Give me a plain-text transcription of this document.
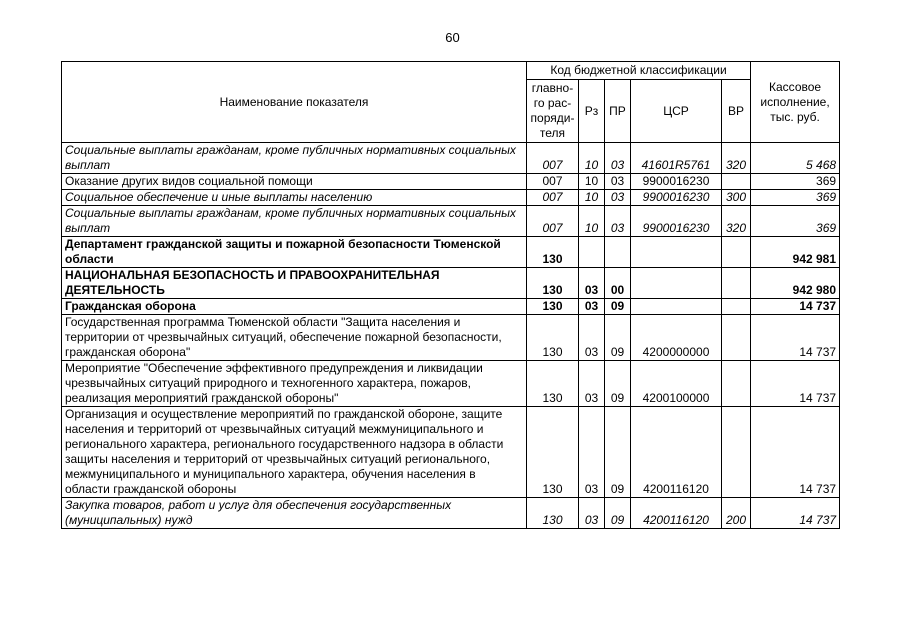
60
Наименование показателя	Код бюджетной классификации					Кассовое исполнение, тыс. руб.
	главно-го рас-поряди-теля	Рз	ПР	ЦСР	ВР	
Социальные выплаты гражданам, кроме публичных нормативных социальных выплат	007	10	03	41601R5761	320	5 468
Оказание других видов социальной помощи	007	10	03	9900016230		369
Социальное обеспечение и иные выплаты населению	007	10	03	9900016230	300	369
Социальные выплаты гражданам, кроме публичных нормативных социальных выплат	007	10	03	9900016230	320	369
Департамент гражданской защиты и пожарной безопасности Тюменской области	130					942 981
НАЦИОНАЛЬНАЯ БЕЗОПАСНОСТЬ И ПРАВООХРАНИТЕЛЬНАЯ ДЕЯТЕЛЬНОСТЬ	130	03	00			942 980
Гражданская оборона	130	03	09			14 737
Государственная программа Тюменской области "Защита населения и территории от чрезвычайных ситуаций, обеспечение пожарной безопасности, гражданская оборона"	130	03	09	4200000000		14 737
Мероприятие "Обеспечение эффективного предупреждения и ликвидации чрезвычайных ситуаций природного и техногенного характера, пожаров, реализация мероприятий гражданской обороны"	130	03	09	4200100000		14 737
Организация и осуществление мероприятий по гражданской обороне, защите населения и территорий от чрезвычайных ситуаций межмуниципального и регионального характера, регионального государственного надзора в области защиты населения и территорий от чрезвычайных ситуаций регионального, межмуниципального и муниципального характера, обучения населения в области гражданской обороны	130	03	09	4200116120		14 737
Закупка товаров, работ и услуг для обеспечения государственных (муниципальных) нужд	130	03	09	4200116120	200	14 737
